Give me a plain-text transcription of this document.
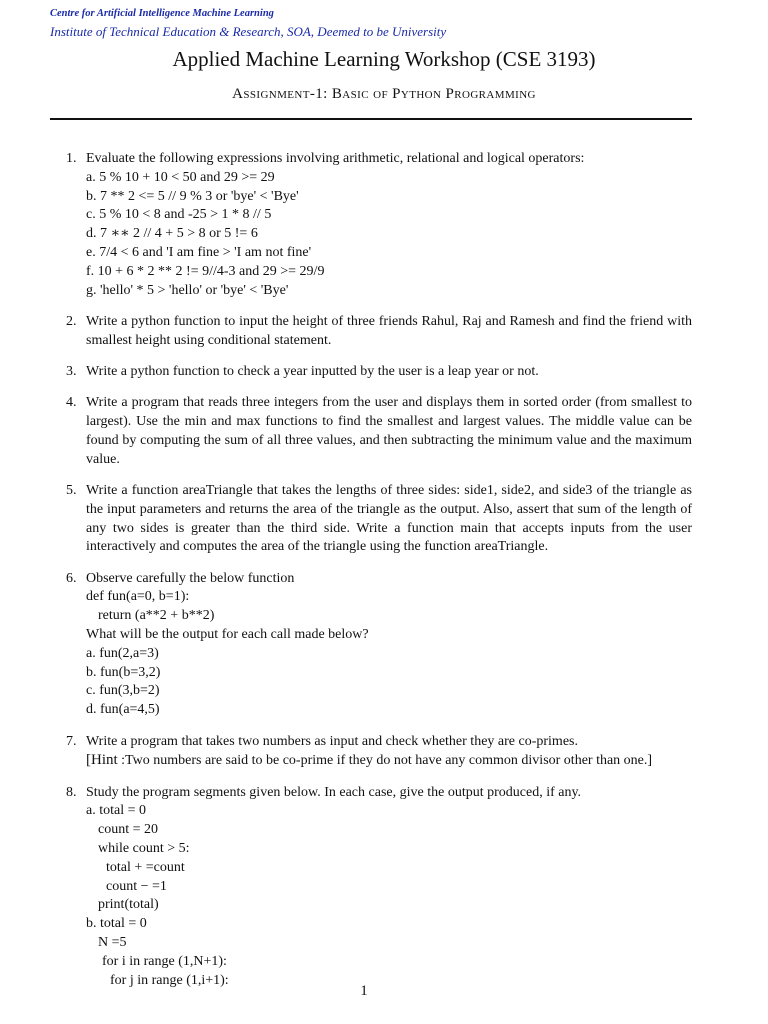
Centre for Artificial Intelligence Machine Learning
Institute of Technical Education & Research, SOA, Deemed to be University
Applied Machine Learning Workshop (CSE 3193)
Assignment-1: Basic of Python Programming
1. Evaluate the following expressions involving arithmetic, relational and logical operators:
a. 5 % 10 + 10 < 50 and 29 >= 29
b. 7 ** 2 <= 5 // 9 % 3 or 'bye' < 'Bye'
c. 5 % 10 < 8 and -25 > 1 * 8 // 5
d. 7 ∗∗ 2 // 4 + 5 > 8 or 5 != 6
e. 7/4 < 6 and 'I am fine > 'I am not fine'
f. 10 + 6 * 2 ** 2 != 9//4-3 and 29 >= 29/9
g. 'hello' * 5 > 'hello' or 'bye' < 'Bye'
2. Write a python function to input the height of three friends Rahul, Raj and Ramesh and find the friend with smallest height using conditional statement.
3. Write a python function to check a year inputted by the user is a leap year or not.
4. Write a program that reads three integers from the user and displays them in sorted order (from smallest to largest). Use the min and max functions to find the smallest and largest values. The middle value can be found by computing the sum of all three values, and then subtracting the minimum value and the maximum value.
5. Write a function areaTriangle that takes the lengths of three sides: side1, side2, and side3 of the triangle as the input parameters and returns the area of the triangle as the output. Also, assert that sum of the length of any two sides is greater than the third side. Write a function main that accepts inputs from the user interactively and computes the area of the triangle using the function areaTriangle.
6. Observe carefully the below function
def fun(a=0, b=1):
return (a**2 + b**2)
What will be the output for each call made below?
a. fun(2,a=3)
b. fun(b=3,2)
c. fun(3,b=2)
d. fun(a=4,5)
7. Write a program that takes two numbers as input and check whether they are co-primes.
[Hint :Two numbers are said to be co-prime if they do not have any common divisor other than one.]
8. Study the program segments given below. In each case, give the output produced, if any.
a. total = 0
count = 20
while count > 5:
total + =count
count − =1
print(total)
b. total = 0
N =5
for i in range (1,N+1):
for j in range (1,i+1):
1
